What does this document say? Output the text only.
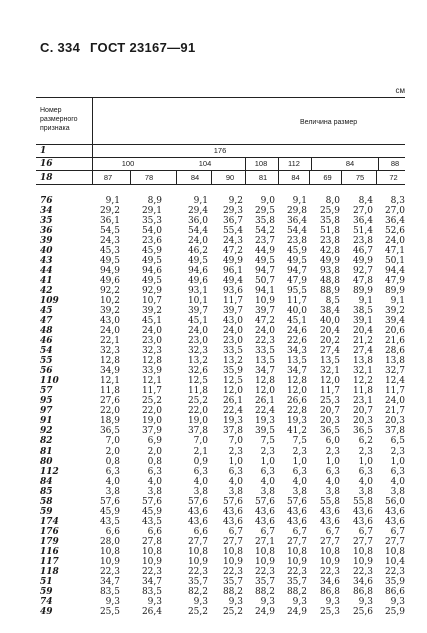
С. 334 ГОСТ 23167—91
см
Номер размерного признака
Величина размер
1	176
16	100	104	108	112	84	88
18	87	78	84	90	81	84	69	75	72
76	9,1	8,9	9,1	9,2	9,0	9,1	8,0	8,4	8,3
34	29,2	29,1	29,4	29,3	29,5	29,8	25,9	27,0	27,0
35	36,1	35,3	36,0	36,7	35,8	36,4	35,8	36,4	36,4
36	54,5	54,0	54,4	55,4	54,2	54,4	51,8	51,4	52,6
39	24,3	23,6	24,0	24,3	23,7	23,8	23,8	23,8	24,0
40	45,3	45,9	46,2	47,2	44,9	45,9	42,8	46,7	47,1
43	49,5	49,5	49,5	49,9	49,5	49,5	49,9	49,9	50,1
44	94,9	94,6	94,6	96,1	94,7	94,7	93,8	92,7	94,4
41	49,6	49,5	49,6	49,4	50,7	47,9	48,8	47,8	47,9
42	92,2	92,9	93,1	93,6	94,1	95,5	88,9	89,9	89,9
109	10,2	10,7	10,1	11,7	10,9	11,7	8,5	9,1	9,1
45	39,2	39,2	39,7	39,7	39,7	40,0	38,4	38,5	39,2
47	43,0	45,1	45,1	43,0	47,2	45,1	40,0	39,1	39,4
48	24,0	24,0	24,0	24,0	24,0	24,6	20,4	20,4	20,6
46	22,1	23,0	23,0	23,0	22,3	22,6	20,2	21,2	21,6
54	32,3	32,3	32,3	33,5	33,5	34,3	27,4	27,4	28,6
55	12,8	12,8	13,2	13,2	13,5	13,5	13,5	13,8	13,8
56	34,9	33,9	32,6	35,9	34,7	34,7	32,1	32,1	32,7
110	12,1	12,1	12,5	12,5	12,8	12,8	12,0	12,2	12,4
57	11,8	11,7	11,8	12,0	12,0	12,0	11,7	11,8	11,7
95	27,6	25,2	25,2	26,1	26,1	26,6	25,3	23,1	24,0
97	22,0	22,0	22,0	22,4	22,4	22,8	20,7	20,7	21,7
91	18,9	19,0	19,0	19,3	19,3	19,3	20,3	20,3	20,3
92	36,5	37,9	37,8	37,8	39,5	41,2	36,5	36,5	37,8
82	7,0	6,9	7,0	7,0	7,5	7,5	6,0	6,2	6,5
81	2,0	2,0	2,1	2,3	2,3	2,3	2,3	2,3	2,3
80	0,8	0,8	0,9	1,0	1,0	1,0	1,0	1,0	1,0
112	6,3	6,3	6,3	6,3	6,3	6,3	6,3	6,3	6,3
84	4,0	4,0	4,0	4,0	4,0	4,0	4,0	4,0	4,0
85	3,8	3,8	3,8	3,8	3,8	3,8	3,8	3,8	3,8
58	57,6	57,6	57,6	57,6	57,6	57,6	55,8	55,8	56,0
59	45,9	45,9	43,6	43,6	43,6	43,6	43,6	43,6	43,6
174	43,5	43,5	43,6	43,6	43,6	43,6	43,6	43,6	43,6
176	6,6	6,6	6,6	6,7	6,7	6,7	6,7	6,7	6,7
179	28,0	27,8	27,7	27,7	27,1	27,7	27,7	27,7	27,7
116	10,8	10,8	10,8	10,8	10,8	10,8	10,8	10,8	10,8
117	10,9	10,9	10,9	10,9	10,9	10,9	10,9	10,9	10,4
118	22,3	22,3	22,3	22,3	22,3	22,3	22,3	22,3	22,3
51	34,7	34,7	35,7	35,7	35,7	35,7	34,6	34,6	35,9
59	83,5	83,5	82,2	88,2	88,2	88,2	86,8	86,8	86,6
74	9,3	9,3	9,3	9,3	9,3	9,3	9,3	9,3	9,3
49	25,5	26,4	25,2	25,2	24,9	24,9	25,3	25,6	25,9
